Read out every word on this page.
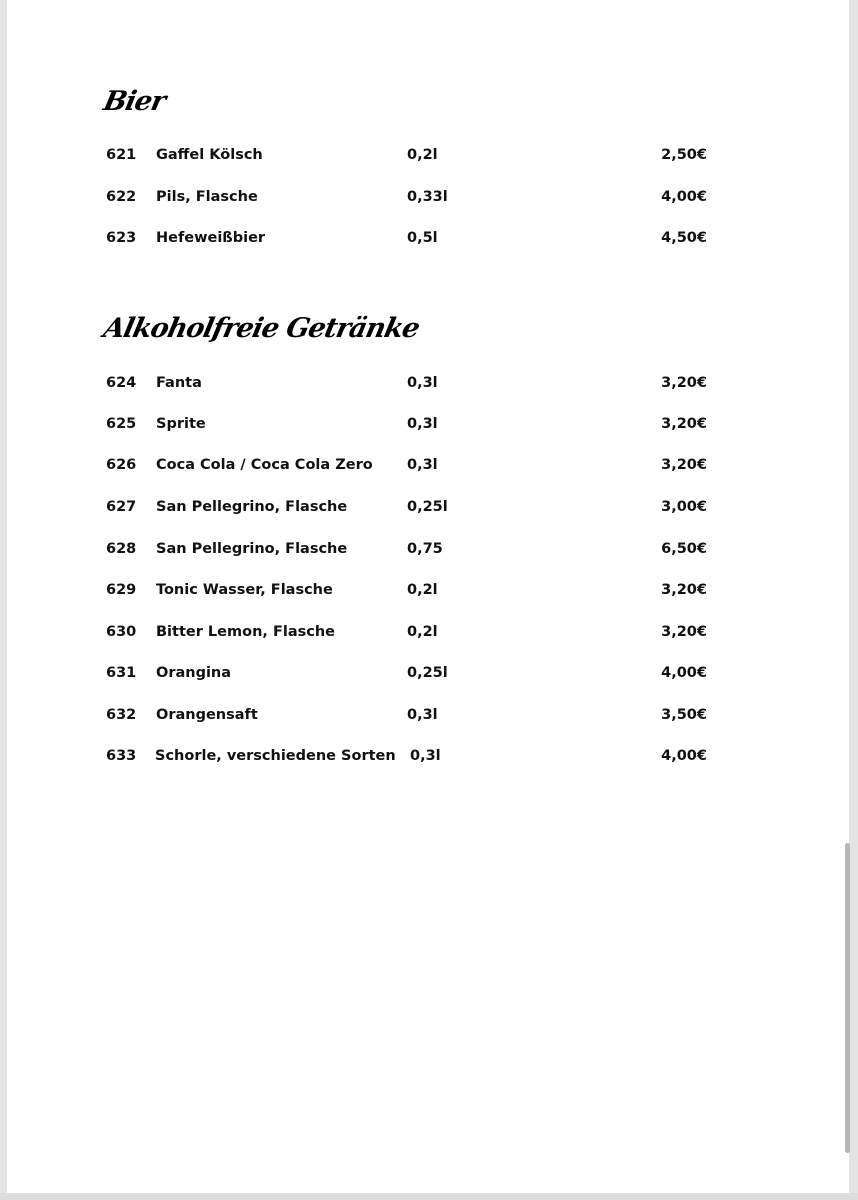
Bier
621 Gaffel Kölsch	0,2l	2,50€
622 Pils, Flasche	0,33l	4,00€
623 Hefeweißbier	0,5l	4,50€
Alkoholfreie Getränke
624 Fanta	0,3l	3,20€
625 Sprite	0,3l	3,20€
626 Coca Cola / Coca Cola Zero 0,3l	3,20€
627 San Pellegrino, Flasche	0,25l	3,00€
628 San Pellegrino, Flasche	0,75	6,50€
629 Tonic Wasser, Flasche	0,2l	3,20€
630 Bitter Lemon, Flasche	0,2l	3,20€
631 Orangina	0,25l	4,00€
632 Orangensaft	0,3l	3,50€
633 Schorle, verschiedene Sorten 0,3l	4,00€
